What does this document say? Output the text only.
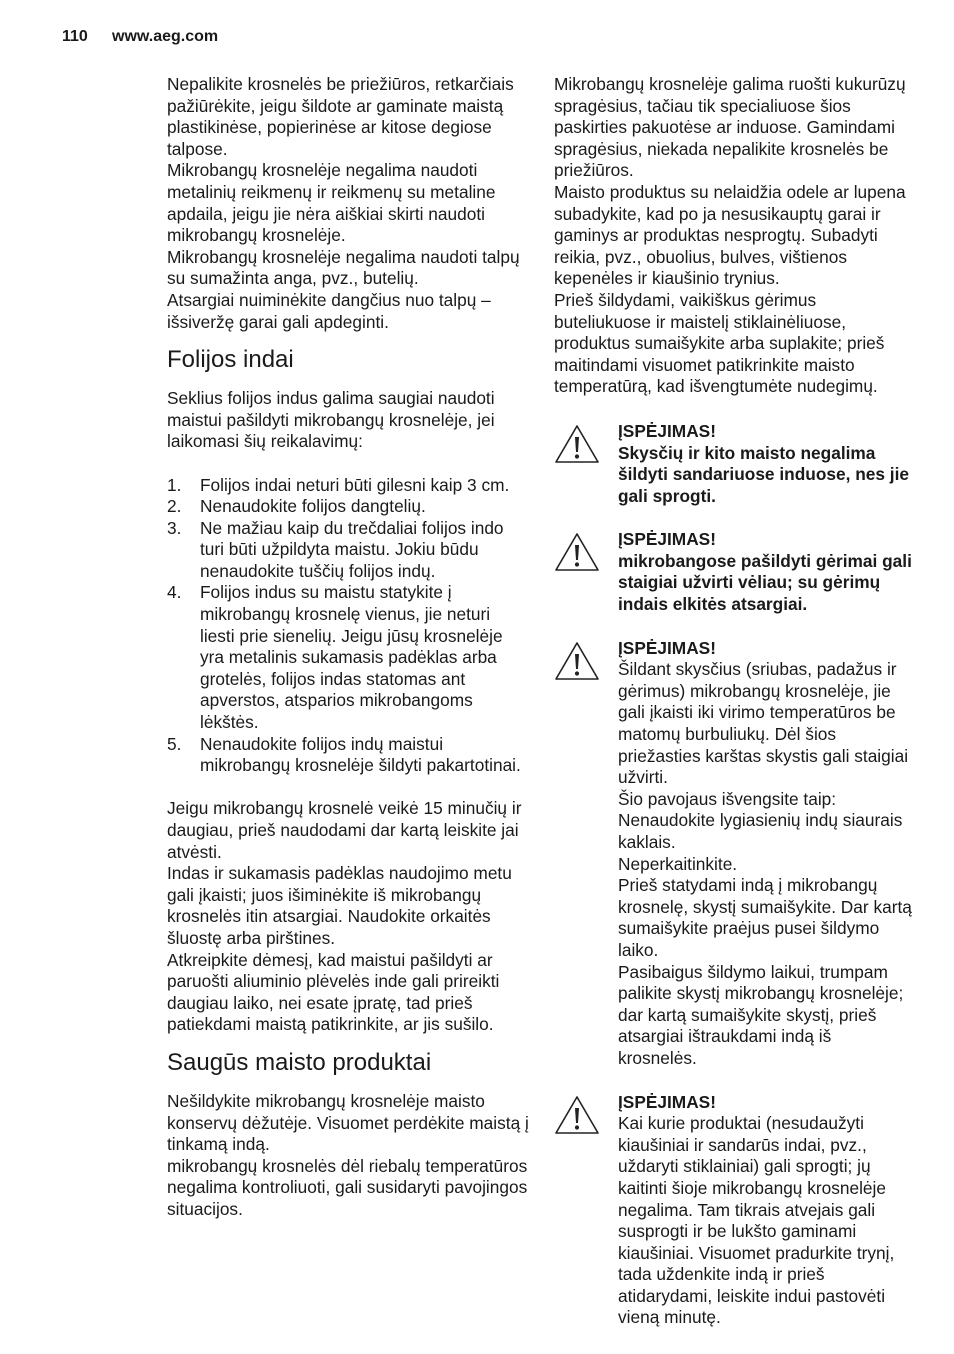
110 www.aeg.com

Nepalikite krosnelės be priežiūros, retkarčiais pažiūrėkite, jeigu šildote ar gaminate maistą plastikinėse, popierinėse ar kitose degiose talpose.

Mikrobangų krosnelėje negalima naudoti metalinių reikmenų ir reikmenų su metaline apdaila, jeigu jie nėra aiškiai skirti naudoti mikrobangų krosnelėje.

Mikrobangų krosnelėje negalima naudoti talpų su sumažinta anga, pvz., butelių.

Atsargiai nuiminėkite dangčius nuo talpų – išsiveržę garai gali apdeginti.

Folijos indai

Seklius folijos indus galima saugiai naudoti maistui pašildyti mikrobangų krosnelėje, jei laikomasi šių reikalavimų:

1. Folijos indai neturi būti gilesni kaip 3 cm.
2. Nenaudokite folijos dangtelių.
3. Ne mažiau kaip du trečdaliai folijos indo turi būti užpildyta maistu. Jokiu būdu nenaudokite tuščių folijos indų.
4. Folijos indus su maistu statykite į mikrobangų krosnelę vienus, jie neturi liesti prie sienelių. Jeigu jūsų krosnelėje yra metalinis sukamasis padėklas arba grotelės, folijos indas statomas ant apverstos, atsparios mikrobangoms lėkštės.
5. Nenaudokite folijos indų maistui mikrobangų krosnelėje šildyti pakartotinai.

Jeigu mikrobangų krosnelė veikė 15 minučių ir daugiau, prieš naudodami dar kartą leiskite jai atvėsti.

Indas ir sukamasis padėklas naudojimo metu gali įkaisti; juos išiminėkite iš mikrobangų krosnelės itin atsargiai. Naudokite orkaitės šluostę arba pirštines.

Atkreipkite dėmesį, kad maistui pašildyti ar paruošti aliuminio plėvelės inde gali prireikti daugiau laiko, nei esate įpratę, tad prieš patiekdami maistą patikrinkite, ar jis sušilo.

Saugūs maisto produktai

Nešildykite mikrobangų krosnelėje maisto konservų dėžutėje. Visuomet perdėkite maistą į tinkamą indą.

mikrobangų krosnelės dėl riebalų temperatūros negalima kontroliuoti, gali susidaryti pavojingos situacijos.

Mikrobangų krosnelėje galima ruošti kukurūzų spragėsius, tačiau tik specialiuose šios paskirties pakuotėse ar induose. Gamindami spragėsius, niekada nepalikite krosnelės be priežiūros.

Maisto produktus su nelaidžia odele ar lupena subadykite, kad po ja nesusikauptų garai ir gaminys ar produktas nesprogtų. Subadyti reikia, pvz., obuolius, bulves, vištienos kepenėles ir kiaušinio trynius.

Prieš šildydami, vaikiškus gėrimus buteliukuose ir maistelį stiklainėliuose, produktus sumaišykite arba suplakite; prieš maitindami visuomet patikrinkite maisto temperatūrą, kad išvengtumėte nudegimų.

ĮSPĖJIMAS!

Skysčių ir kito maisto negalima šildyti sandariuose induose, nes jie gali sprogti.

ĮSPĖJIMAS!

mikrobangose pašildyti gėrimai gali staigiai užvirti vėliau; su gėrimų indais elkitės atsargiai.

ĮSPĖJIMAS!

Šildant skysčius (sriubas, padažus ir gėrimus) mikrobangų krosnelėje, jie gali įkaisti iki virimo temperatūros be matomų burbuliukų. Dėl šios priežasties karštas skystis gali staigiai užvirti.

Šio pavojaus išvengsite taip:

Nenaudokite lygiasienių indų siaurais kaklais.

Neperkaitinkite.

Prieš statydami indą į mikrobangų krosnelę, skystį sumaišykite. Dar kartą sumaišykite praėjus pusei šildymo laiko.

Pasibaigus šildymo laikui, trumpam palikite skystį mikrobangų krosnelėje; dar kartą sumaišykite skystį, prieš atsargiai ištraukdami indą iš krosnelės.

ĮSPĖJIMAS!

Kai kurie produktai (nesudaužyti kiaušiniai ir sandarūs indai, pvz., uždaryti stiklainiai) gali sprogti; jų kaitinti šioje mikrobangų krosnelėje negalima. Tam tikrais atvejais gali susprogti ir be lukšto gaminami kiaušiniai. Visuomet pradurkite trynį, tada uždenkite indą ir prieš atidarydami, leiskite indui pastovėti vieną minutę.
